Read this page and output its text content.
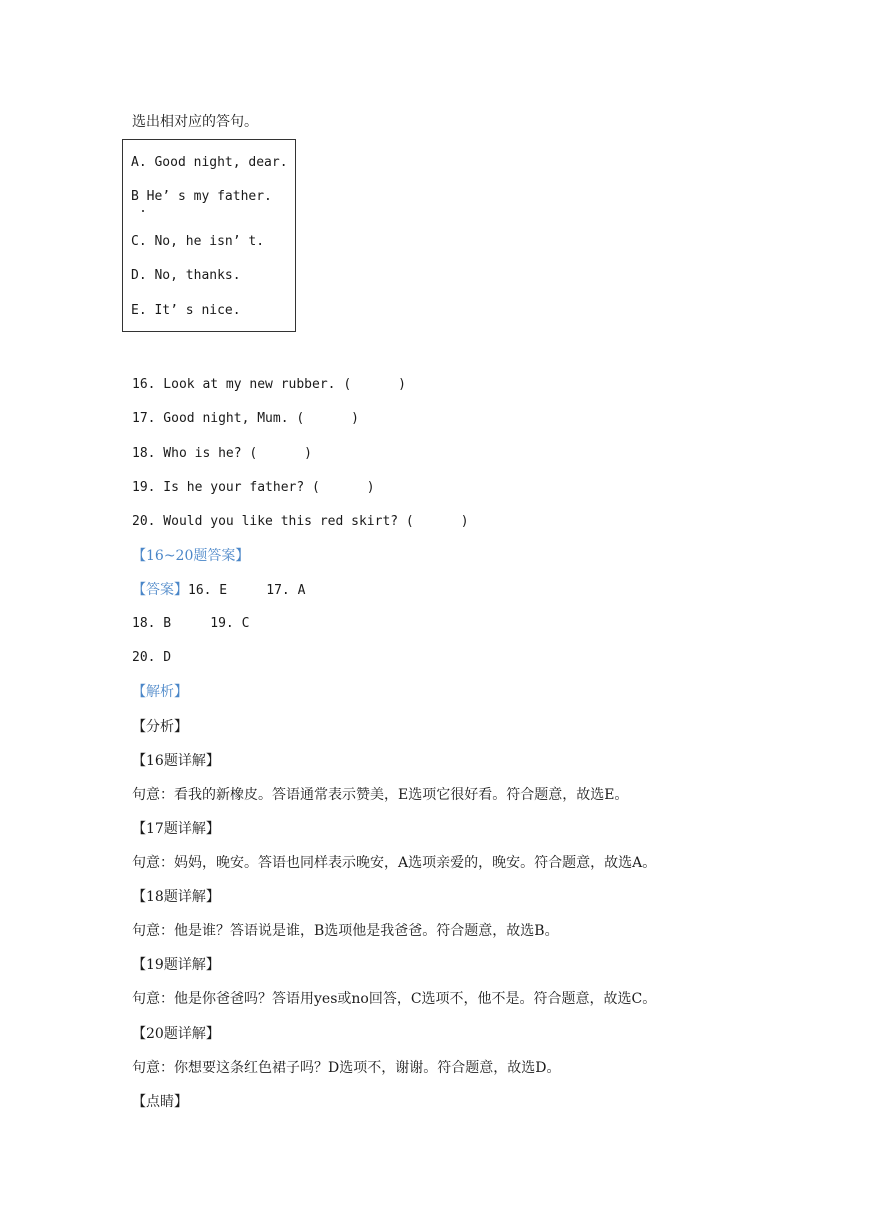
选出相对应的答句。
A. Good night, dear.
B He’ s my father.
C. No, he isn’ t.
D. No, thanks.
E. It’ s nice.
16. Look at my new rubber. (      )
17. Good night, Mum. (      )
18. Who is he? (      )
19. Is he your father? (      )
20. Would you like this red skirt? (      )
【16~20题答案】
【答案】16. E     17. A
18. B     19. C
20. D
【解析】
【分析】
【16题详解】
句意：看我的新橡皮。答语通常表示赞美，E选项它很好看。符合题意，故选E。
【17题详解】
句意：妈妈，晚安。答语也同样表示晚安，A选项亲爱的，晚安。符合题意，故选A。
【18题详解】
句意：他是谁？答语说是谁，B选项他是我爸爸。符合题意，故选B。
【19题详解】
句意：他是你爸爸吗？答语用yes或no回答，C选项不，他不是。符合题意，故选C。
【20题详解】
句意：你想要这条红色裙子吗？D选项不，谢谢。符合题意，故选D。
【点睛】
